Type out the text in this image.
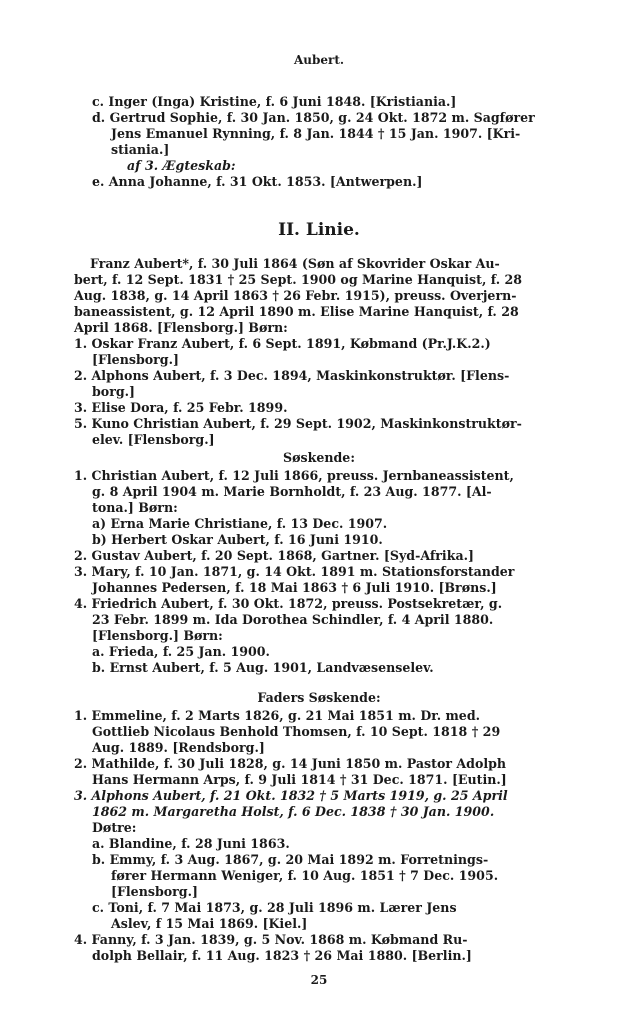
Aubert.
c. Inger (Inga) Kristine, f. 6 Juni 1848. [Kristiania.]
d. Gertrud Sophie, f. 30 Jan. 1850, g. 24 Okt. 1872 m. Sagfører
Jens Emanuel Rynning, f. 8 Jan. 1844 † 15 Jan. 1907. [Kri-
stiania.]
af 3. Ægteskab:
e. Anna Johanne, f. 31 Okt. 1853. [Antwerpen.]
II. Linie.
Franz Aubert*, f. 30 Juli 1864 (Søn af Skovrider Oskar Au-
bert, f. 12 Sept. 1831 † 25 Sept. 1900 og Marine Hanquist, f. 28
Aug. 1838, g. 14 April 1863 † 26 Febr. 1915), preuss. Overjern-
baneassistent, g. 12 April 1890 m. Elise Marine Hanquist, f. 28
April 1868. [Flensborg.] Børn:
1. Oskar Franz Aubert, f. 6 Sept. 1891, Købmand (Pr.J.K.2.)
[Flensborg.]
2. Alphons Aubert, f. 3 Dec. 1894, Maskinkonstruktør. [Flens-
borg.]
3. Elise Dora, f. 25 Febr. 1899.
5. Kuno Christian Aubert, f. 29 Sept. 1902, Maskinkonstruktør-
elev. [Flensborg.]
Søskende:
1. Christian Aubert, f. 12 Juli 1866, preuss. Jernbaneassistent,
g. 8 April 1904 m. Marie Bornholdt, f. 23 Aug. 1877. [Al-
tona.] Børn:
a) Erna Marie Christiane, f. 13 Dec. 1907.
b) Herbert Oskar Aubert, f. 16 Juni 1910.
2. Gustav Aubert, f. 20 Sept. 1868, Gartner. [Syd-Afrika.]
3. Mary, f. 10 Jan. 1871, g. 14 Okt. 1891 m. Stationsforstander
Johannes Pedersen, f. 18 Mai 1863 † 6 Juli 1910. [Brøns.]
4. Friedrich Aubert, f. 30 Okt. 1872, preuss. Postsekretær, g.
23 Febr. 1899 m. Ida Dorothea Schindler, f. 4 April 1880.
[Flensborg.] Børn:
a. Frieda, f. 25 Jan. 1900.
b. Ernst Aubert, f. 5 Aug. 1901, Landvæsenselev.
Faders Søskende:
1. Emmeline, f. 2 Marts 1826, g. 21 Mai 1851 m. Dr. med.
Gottlieb Nicolaus Benhold Thomsen, f. 10 Sept. 1818 † 29
Aug. 1889. [Rendsborg.]
2. Mathilde, f. 30 Juli 1828, g. 14 Juni 1850 m. Pastor Adolph
Hans Hermann Arps, f. 9 Juli 1814 † 31 Dec. 1871. [Eutin.]
3. Alphons Aubert, f. 21 Okt. 1832 † 5 Marts 1919, g. 25 April
1862 m. Margaretha Holst, f. 6 Dec. 1838 † 30 Jan. 1900.
Døtre:
a. Blandine, f. 28 Juni 1863.
b. Emmy, f. 3 Aug. 1867, g. 20 Mai 1892 m. Forretnings-
fører Hermann Weniger, f. 10 Aug. 1851 † 7 Dec. 1905.
[Flensborg.]
c. Toni, f. 7 Mai 1873, g. 28 Juli 1896 m. Lærer Jens
Aslev, f 15 Mai 1869. [Kiel.]
4. Fanny, f. 3 Jan. 1839, g. 5 Nov. 1868 m. Købmand Ru-
dolph Bellair, f. 11 Aug. 1823 † 26 Mai 1880. [Berlin.]
25
